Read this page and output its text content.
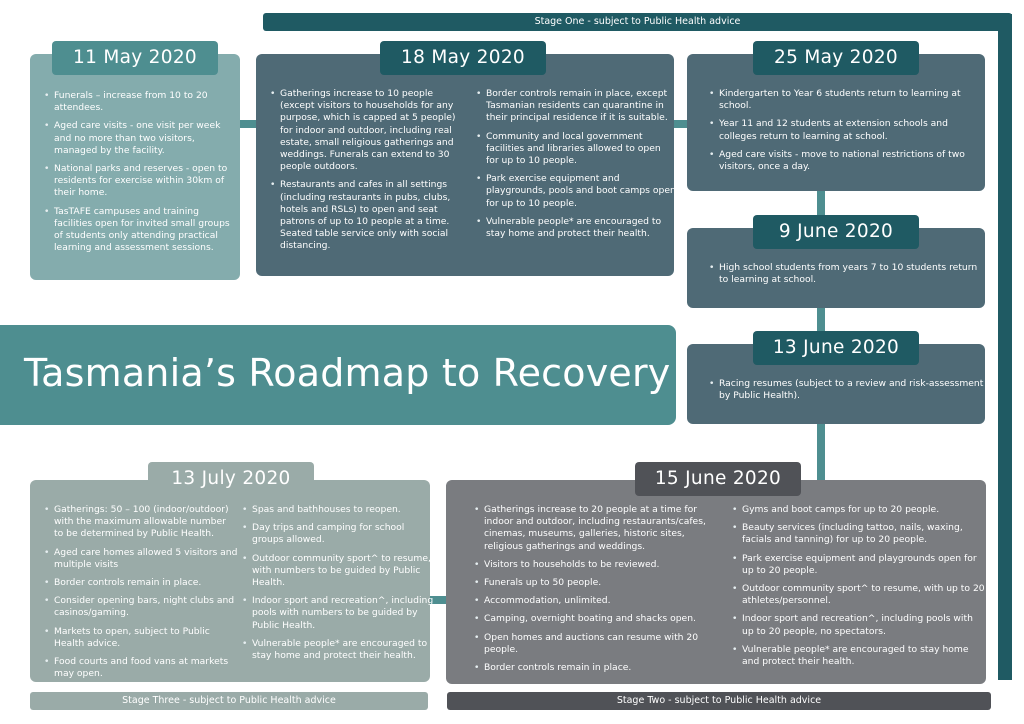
Stage One - subject to Public Health advice
• Funerals – increase from 10 to 20 attendees.
• Aged care visits - one visit per week and no more than two visitors, managed by the facility.
• National parks and reserves - open to residents for exercise within 30km of their home.
• TasTAFE campuses and training facilities open for invited small groups of students only attending practical learning and assessment sessions.
11 May 2020
• Gatherings increase to 10 people (except visitors to households for any purpose, which is capped at 5 people) for indoor and outdoor, including real estate, small religious gatherings and weddings. Funerals can extend to 30 people outdoors.
• Restaurants and cafes in all settings (including restaurants in pubs, clubs, hotels and RSLs) to open and seat patrons of up to 10 people at a time. Seated table service only with social distancing.
• Border controls remain in place, except Tasmanian residents can quarantine in their principal residence if it is suitable.
• Community and local government facilities and libraries allowed to open for up to 10 people.
• Park exercise equipment and playgrounds, pools and boot camps open for up to 10 people.
• Vulnerable people* are encouraged to stay home and protect their health.
18 May 2020
• Kindergarten to Year 6 students return to learning at school.
• Year 11 and 12 students at extension schools and colleges return to learning at school.
• Aged care visits - move to national restrictions of two visitors, once a day.
25 May 2020
• High school students from years 7 to 10 students return to learning at school.
9 June 2020
• Racing resumes (subject to a review and risk-assessment by Public Health).
13 June 2020
Tasmania’s Roadmap to Recovery
• Gatherings: 50 – 100 (indoor/outdoor) with the maximum allowable number to be determined by Public Health.
• Aged care homes allowed 5 visitors and multiple visits
• Border controls remain in place.
• Consider opening bars, night clubs and casinos/gaming.
• Markets to open, subject to Public Health advice.
• Food courts and food vans at markets may open.
• Spas and bathhouses to reopen.
• Day trips and camping for school groups allowed.
• Outdoor community sport^ to resume, with numbers to be guided by Public Health.
• Indoor sport and recreation^, including pools with numbers to be guided by Public Health.
• Vulnerable people* are encouraged to stay home and protect their health.
13 July 2020
• Gatherings increase to 20 people at a time for indoor and outdoor, including restaurants/cafes, cinemas, museums, galleries, historic sites, religious gatherings and weddings.
• Visitors to households to be reviewed.
• Funerals up to 50 people.
• Accommodation, unlimited.
• Camping, overnight boating and shacks open.
• Open homes and auctions can resume with 20 people.
• Border controls remain in place.
• Gyms and boot camps for up to 20 people.
• Beauty services (including tattoo, nails, waxing, facials and tanning) for up to 20 people.
• Park exercise equipment and playgrounds open for up to 20 people.
• Outdoor community sport^ to resume, with up to 20 athletes/personnel.
• Indoor sport and recreation^, including pools with up to 20 people, no spectators.
• Vulnerable people* are encouraged to stay home and protect their health.
15 June 2020
Stage Three - subject to Public Health advice	Stage Two - subject to Public Health advice
